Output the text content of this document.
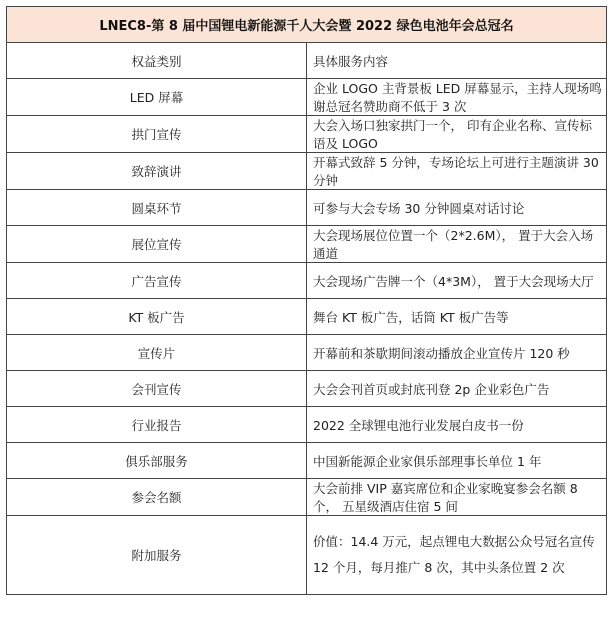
LNEC8-第 8 届中国锂电新能源千人大会暨 2022 绿色电池年会总冠名	
权益类别	具体服务内容
LED 屏幕	企业 LOGO 主背景板 LED 屏幕显示，主持人现场鸣谢总冠名赞助商不低于 3 次
拱门宣传	大会入场口独家拱门一个， 印有企业名称、宣传标语及 LOGO
致辞演讲	开幕式致辞 5 分钟，专场论坛上可进行主题演讲 30 分钟
圆桌环节	可参与大会专场 30 分钟圆桌对话讨论
展位宣传	大会现场展位位置一个（2*2.6M）， 置于大会入场通道
广告宣传	大会现场广告牌一个（4*3M）， 置于大会现场大厅
KT 板广告	舞台 KT 板广告，话筒 KT 板广告等
宣传片	开幕前和茶歇期间滚动播放企业宣传片 120 秒
会刊宣传	大会会刊首页或封底刊登 2p 企业彩色广告
行业报告	2022 全球锂电池行业发展白皮书一份
俱乐部服务	中国新能源企业家俱乐部理事长单位 1 年
参会名额	大会前排 VIP 嘉宾席位和企业家晚宴参会名额 8 个， 五星级酒店住宿 5 间
附加服务	价值：14.4 万元，起点锂电大数据公众号冠名宣传 12 个月，每月推广 8 次，其中头条位置 2 次
